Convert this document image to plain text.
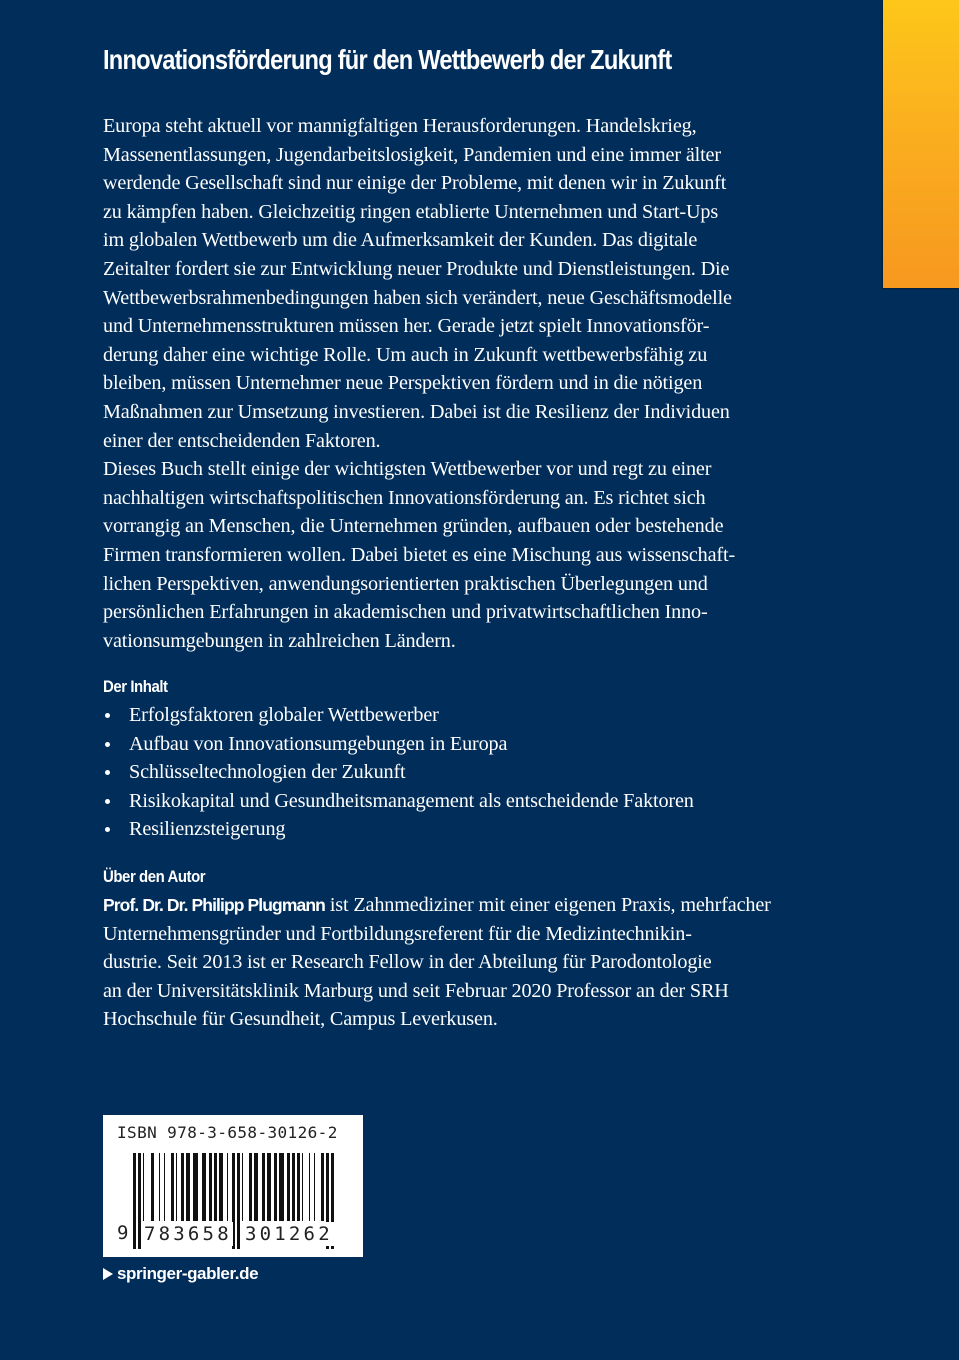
Innovationsförderung für den Wettbewerb der Zukunft

Europa steht aktuell vor mannigfaltigen Herausforderungen. Handelskrieg,

Massenentlassungen, Jugendarbeitslosigkeit, Pandemien und eine immer älter

werdende Gesellschaft sind nur einige der Probleme, mit denen wir in Zukunft

zu kämpfen haben. Gleichzeitig ringen etablierte Unternehmen und Start-Ups

im globalen Wettbewerb um die Aufmerksamkeit der Kunden. Das digitale

Zeitalter fordert sie zur Entwicklung neuer Produkte und Dienstleistungen. Die

Wettbewerbsrahmenbedingungen haben sich verändert, neue Geschäftsmodelle

und Unternehmensstrukturen müssen her. Gerade jetzt spielt Innovationsför-

derung daher eine wichtige Rolle. Um auch in Zukunft wettbewerbsfähig zu

bleiben, müssen Unternehmer neue Perspektiven fördern und in die nötigen

Maßnahmen zur Umsetzung investieren. Dabei ist die Resilienz der Individuen

einer der entscheidenden Faktoren.

Dieses Buch stellt einige der wichtigsten Wettbewerber vor und regt zu einer

nachhaltigen wirtschaftspolitischen Innovationsförderung an. Es richtet sich

vorrangig an Menschen, die Unternehmen gründen, aufbauen oder bestehende

Firmen transformieren wollen. Dabei bietet es eine Mischung aus wissenschaft-

lichen Perspektiven, anwendungsorientierten praktischen Überlegungen und

persönlichen Erfahrungen in akademischen und privatwirtschaftlichen Inno-

vationsumgebungen in zahlreichen Ländern.

Der Inhalt
Erfolgsfaktoren globaler Wettbewerber
Aufbau von Innovationsumgebungen in Europa
Schlüsseltechnologien der Zukunft
Risikokapital und Gesundheitsmanagement als entscheidende Faktoren
Resilienzsteigerung
Über den Autor

Prof. Dr. Dr. Philipp Plugmann ist Zahnmediziner mit einer eigenen Praxis, mehrfacher

Unternehmensgründer und Fortbildungsreferent für die Medizintechnikin-

dustrie. Seit 2013 ist er Research Fellow in der Abteilung für Parodontologie

an der Universitätsklinik Marburg und seit Februar 2020 Professor an der SRH

Hochschule für Gesundheit, Campus Leverkusen.

ISBN 978-3-658-30126-2
9 783658 301262
springer-gabler.de
